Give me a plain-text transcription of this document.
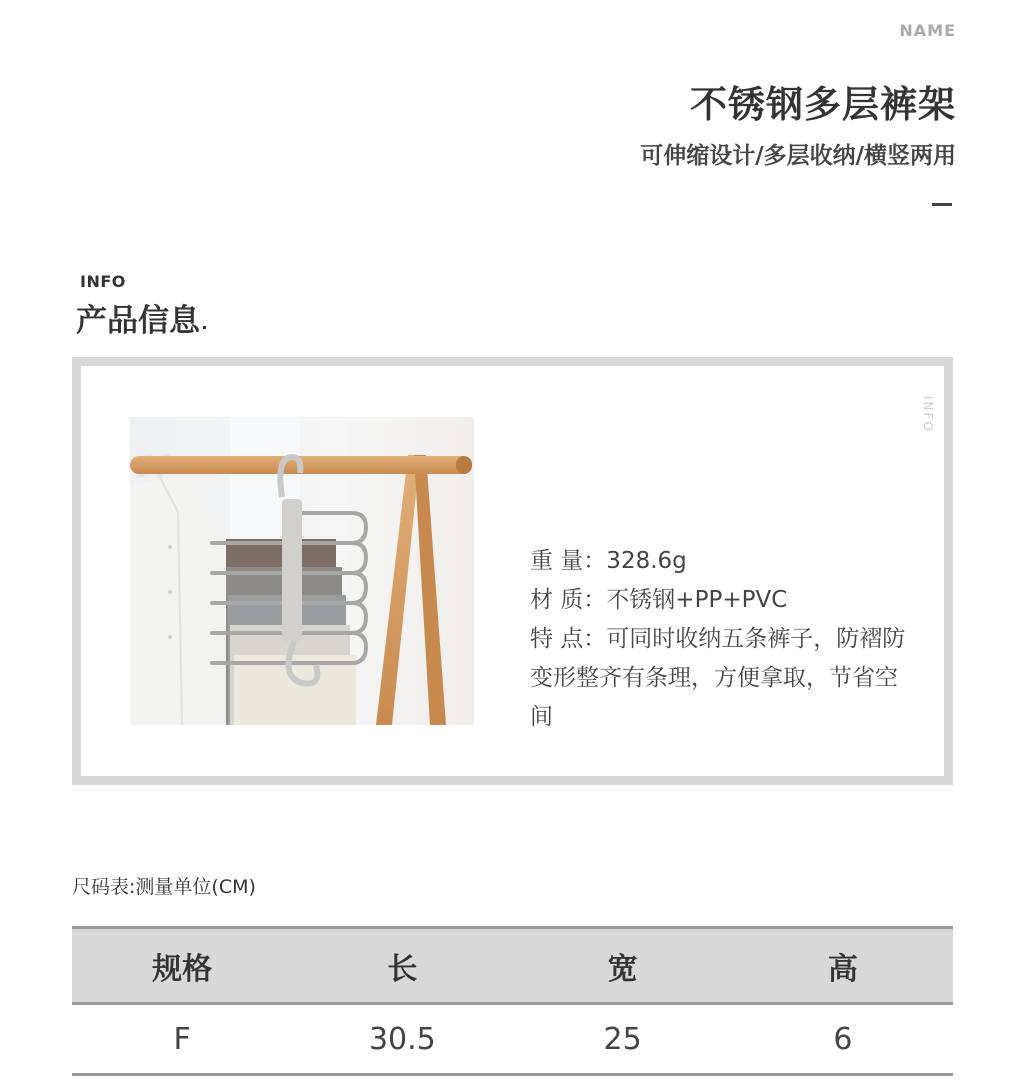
NAME
不锈钢多层裤架
可伸缩设计/多层收纳/横竖两用
INFO
产品信息
INFO
重 量：328.6g
材 质：不锈钢+PP+PVC
特 点：可同时收纳五条裤子，防褶防变形整齐有条理，方便拿取，节省空间
尺码表:测量单位(CM)
规格	长	宽	高
F	30.5	25	6
